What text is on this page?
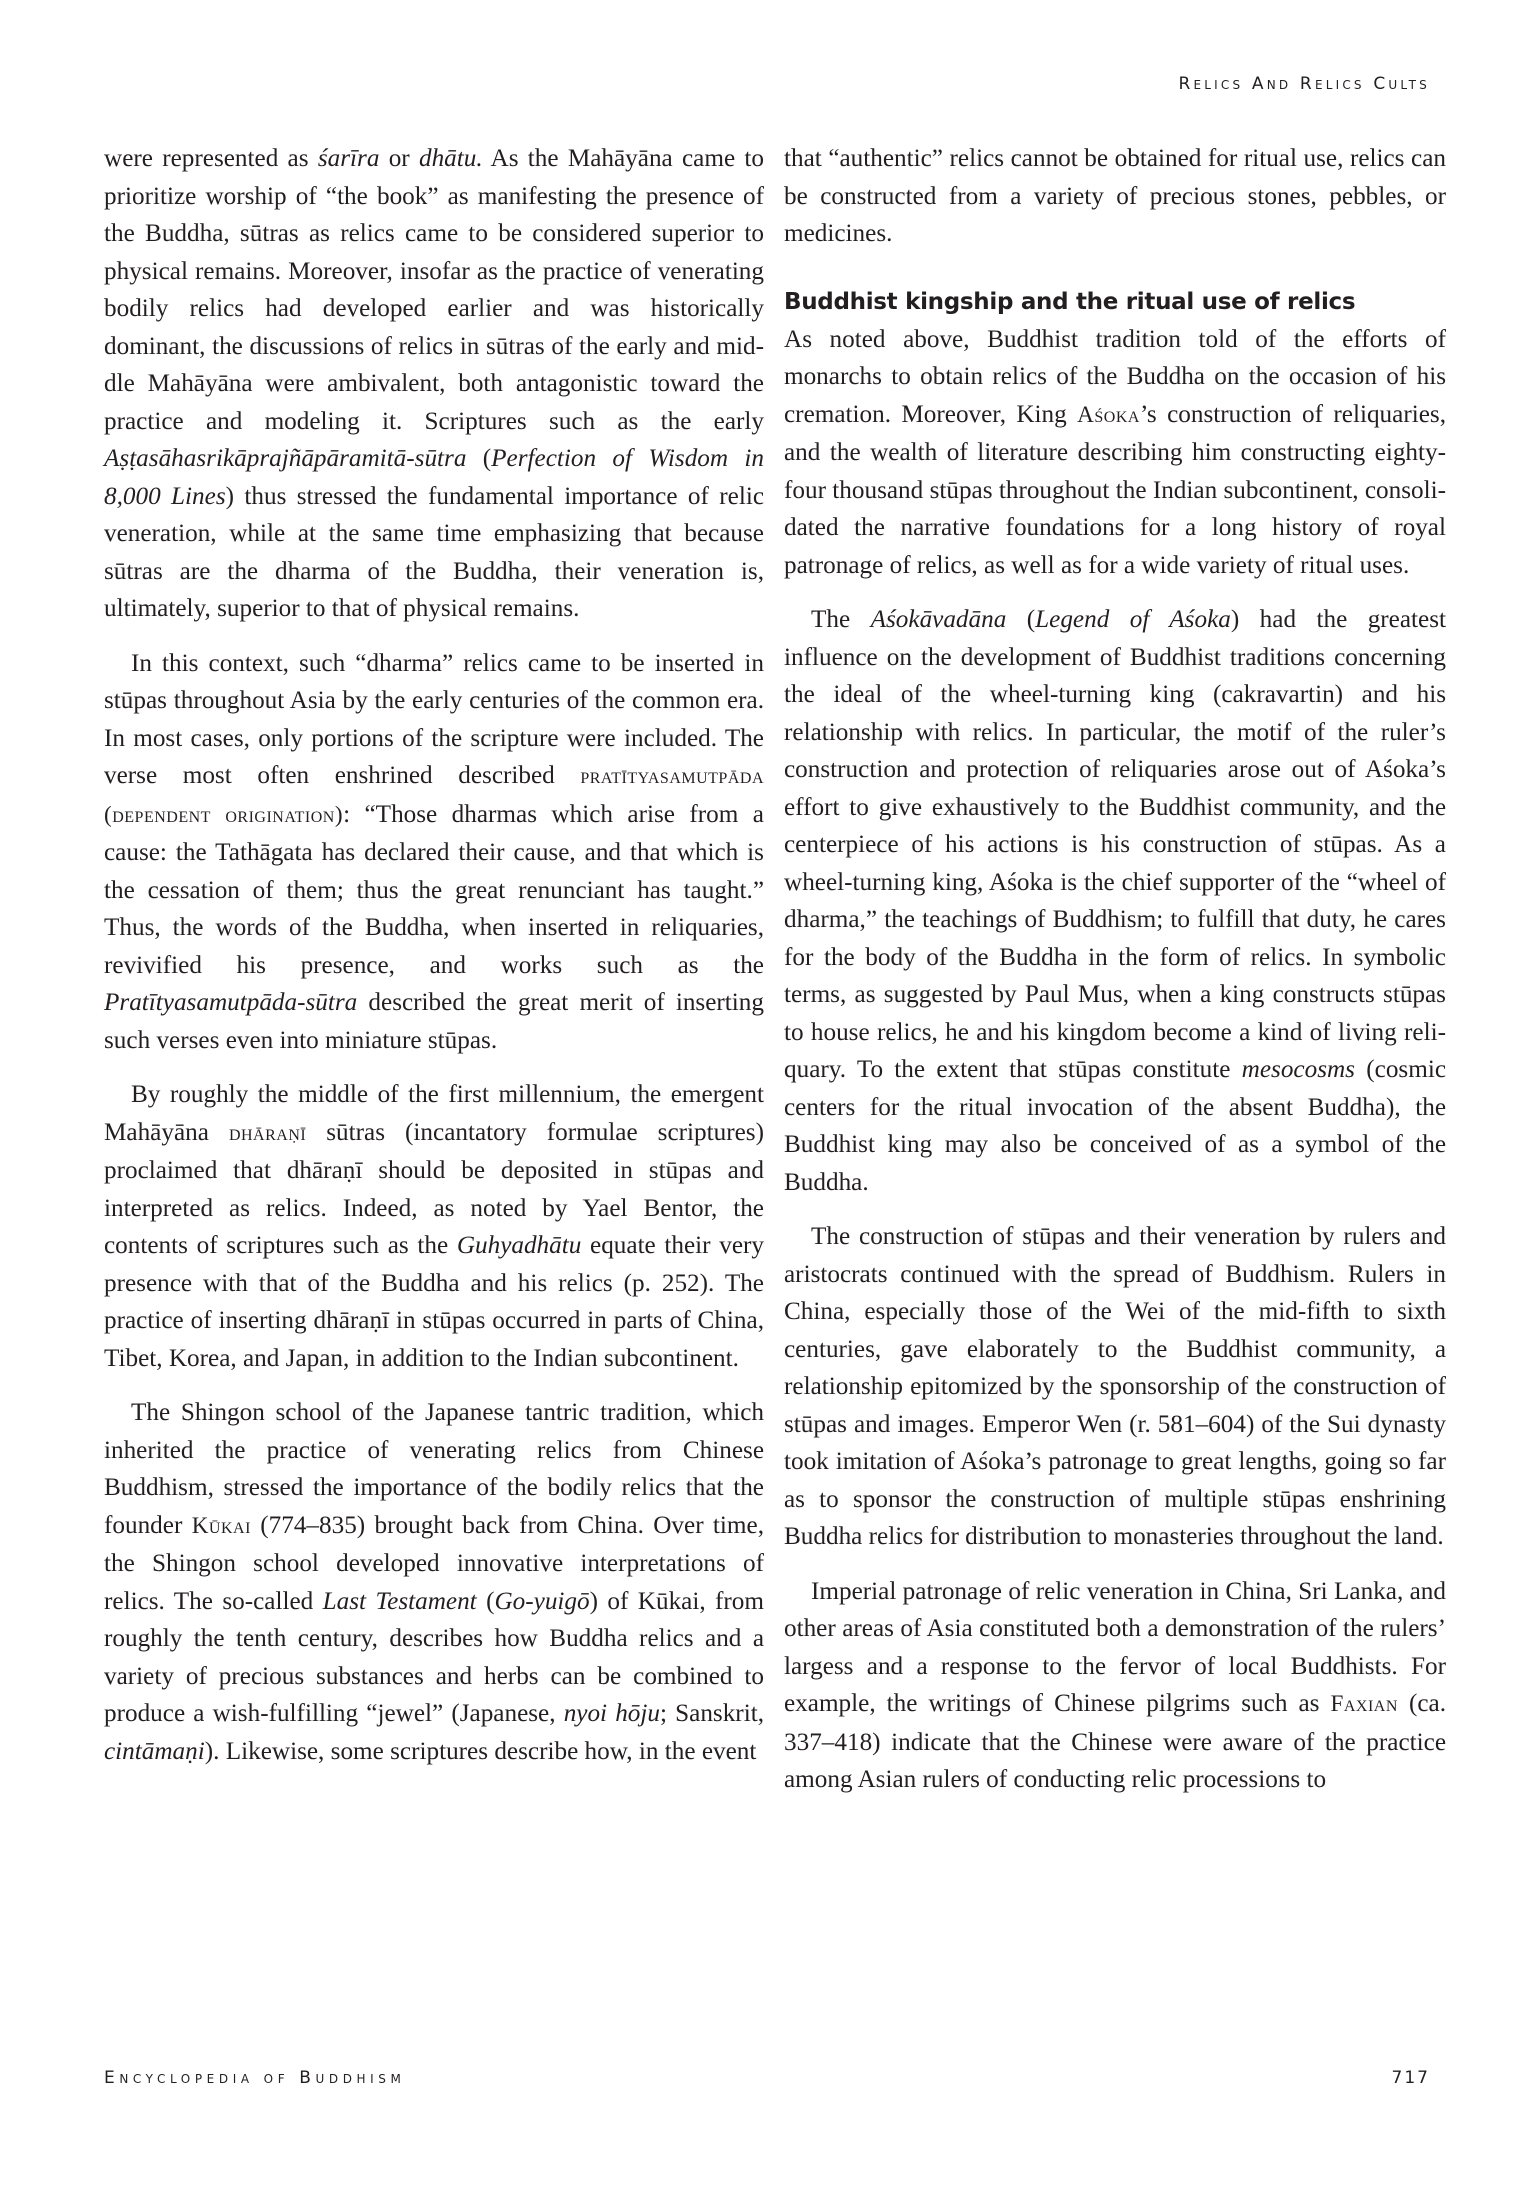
Relics And Relics Cults

were represented as śarīra or dhātu. As the Mahāyāna came to prioritize worship of “the book” as manifesting the presence of the Buddha, sūtras as relics came to be considered superior to physical remains. Moreover, insofar as the practice of venerating bodily relics had developed earlier and was historically dominant, the discussions of relics in sūtras of the early and middle Mahāyāna were ambivalent, both antagonistic toward the practice and modeling it. Scriptures such as the early Aṣṭasāhasrikāprajñāpāramitā-sūtra (Perfection of Wisdom in 8,000 Lines) thus stressed the fundamental importance of relic veneration, while at the same time emphasizing that because sūtras are the dharma of the Buddha, their veneration is, ultimately, superior to that of physical remains.

In this context, such “dharma” relics came to be inserted in stūpas throughout Asia by the early centuries of the common era. In most cases, only portions of the scripture were included. The verse most often enshrined described pratītyasamutpāda (dependent origination): “Those dharmas which arise from a cause: the Tathāgata has declared their cause, and that which is the cessation of them; thus the great renunciant has taught.” Thus, the words of the Buddha, when inserted in reliquaries, revivified his presence, and works such as the Pratītyasamutpāda-sūtra described the great merit of inserting such verses even into miniature stūpas.

By roughly the middle of the first millennium, the emergent Mahāyāna dhāraṇī sūtras (incantatory formulae scriptures) proclaimed that dhāraṇī should be deposited in stūpas and interpreted as relics. Indeed, as noted by Yael Bentor, the contents of scriptures such as the Guhyadhātu equate their very presence with that of the Buddha and his relics (p. 252). The practice of inserting dhāraṇī in stūpas occurred in parts of China, Tibet, Korea, and Japan, in addition to the Indian subcontinent.

The Shingon school of the Japanese tantric tradition, which inherited the practice of venerating relics from Chinese Buddhism, stressed the importance of the bodily relics that the founder Kūkai (774–835) brought back from China. Over time, the Shingon school developed innovative interpretations of relics. The so-called Last Testament (Go-yuigō) of Kūkai, from roughly the tenth century, describes how Buddha relics and a variety of precious substances and herbs can be combined to produce a wish-fulfilling “jewel” (Japanese, nyoi hōju; Sanskrit, cintāmaṇi). Likewise, some scriptures describe how, in the event

that “authentic” relics cannot be obtained for ritual use, relics can be constructed from a variety of precious stones, pebbles, or medicines.

Buddhist kingship and the ritual use of relics

As noted above, Buddhist tradition told of the efforts of monarchs to obtain relics of the Buddha on the occasion of his cremation. Moreover, King Aśoka’s construction of reliquaries, and the wealth of literature describing him constructing eighty-four thousand stūpas throughout the Indian subcontinent, consolidated the narrative foundations for a long history of royal patronage of relics, as well as for a wide variety of ritual uses.

The Aśokāvadāna (Legend of Aśoka) had the greatest influence on the development of Buddhist traditions concerning the ideal of the wheel-turning king (cakravartin) and his relationship with relics. In particular, the motif of the ruler’s construction and protection of reliquaries arose out of Aśoka’s effort to give exhaustively to the Buddhist community, and the centerpiece of his actions is his construction of stūpas. As a wheel-turning king, Aśoka is the chief supporter of the “wheel of dharma,” the teachings of Buddhism; to fulfill that duty, he cares for the body of the Buddha in the form of relics. In symbolic terms, as suggested by Paul Mus, when a king constructs stūpas to house relics, he and his kingdom become a kind of living reliquary. To the extent that stūpas constitute mesocosms (cosmic centers for the ritual invocation of the absent Buddha), the Buddhist king may also be conceived of as a symbol of the Buddha.

The construction of stūpas and their veneration by rulers and aristocrats continued with the spread of Buddhism. Rulers in China, especially those of the Wei of the mid-fifth to sixth centuries, gave elaborately to the Buddhist community, a relationship epitomized by the sponsorship of the construction of stūpas and images. Emperor Wen (r. 581–604) of the Sui dynasty took imitation of Aśoka’s patronage to great lengths, going so far as to sponsor the construction of multiple stūpas enshrining Buddha relics for distribution to monasteries throughout the land.

Imperial patronage of relic veneration in China, Sri Lanka, and other areas of Asia constituted both a demonstration of the rulers’ largess and a response to the fervor of local Buddhists. For example, the writings of Chinese pilgrims such as Faxian (ca. 337–418) indicate that the Chinese were aware of the practice among Asian rulers of conducting relic processions to

Encyclopedia of Buddhism	717
